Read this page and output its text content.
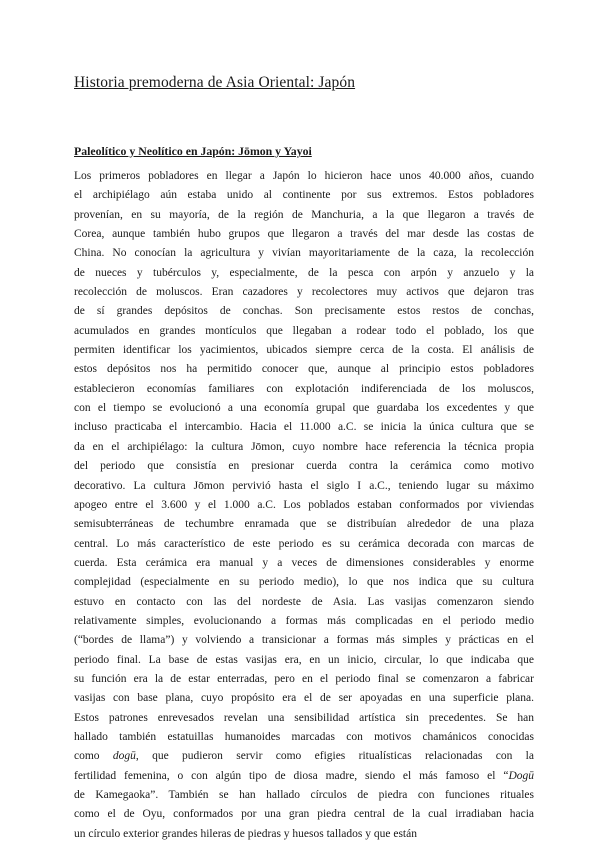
Historia premoderna de Asia Oriental: Japón
Paleolítico y Neolítico en Japón: Jōmon y Yayoi
Los primeros pobladores en llegar a Japón lo hicieron hace unos 40.000 años, cuando
el archipiélago aún estaba unido al continente por sus extremos. Estos pobladores
provenían, en su mayoría, de la región de Manchuria, a la que llegaron a través de
Corea, aunque también hubo grupos que llegaron a través del mar desde las costas de
China. No conocían la agricultura y vivían mayoritariamente de la caza, la recolección
de nueces y tubérculos y, especialmente, de la pesca con arpón y anzuelo y la
recolección de moluscos. Eran cazadores y recolectores muy activos que dejaron tras
de sí grandes depósitos de conchas. Son precisamente estos restos de conchas,
acumulados en grandes montículos que llegaban a rodear todo el poblado, los que
permiten identificar los yacimientos, ubicados siempre cerca de la costa. El análisis de
estos depósitos nos ha permitido conocer que, aunque al principio estos pobladores
establecieron economías familiares con explotación indiferenciada de los moluscos,
con el tiempo se evolucionó a una economía grupal que guardaba los excedentes y que
incluso practicaba el intercambio. Hacia el 11.000 a.C. se inicia la única cultura que se
da en el archipiélago: la cultura Jōmon, cuyo nombre hace referencia la técnica propia
del periodo que consistía en presionar cuerda contra la cerámica como motivo
decorativo. La cultura Jōmon pervivió hasta el siglo I a.C., teniendo lugar su máximo
apogeo entre el 3.600 y el 1.000 a.C. Los poblados estaban conformados por viviendas
semisubterráneas de techumbre enramada que se distribuían alrededor de una plaza
central. Lo más característico de este periodo es su cerámica decorada con marcas de
cuerda. Esta cerámica era manual y a veces de dimensiones considerables y enorme
complejidad (especialmente en su periodo medio), lo que nos indica que su cultura
estuvo en contacto con las del nordeste de Asia. Las vasijas comenzaron siendo
relativamente simples, evolucionando a formas más complicadas en el periodo medio
(“bordes de llama”) y volviendo a transicionar a formas más simples y prácticas en el
periodo final. La base de estas vasijas era, en un inicio, circular, lo que indicaba que
su función era la de estar enterradas, pero en el periodo final se comenzaron a fabricar
vasijas con base plana, cuyo propósito era el de ser apoyadas en una superficie plana.
Estos patrones enrevesados revelan una sensibilidad artística sin precedentes. Se han
hallado también estatuillas humanoides marcadas con motivos chamánicos conocidas
como dogū, que pudieron servir como efigies ritualísticas relacionadas con la
fertilidad femenina, o con algún tipo de diosa madre, siendo el más famoso el “Dogū
de Kamegaoka”. También se han hallado círculos de piedra con funciones rituales
como el de Oyu, conformados por una gran piedra central de la cual irradiaban hacia
un círculo exterior grandes hileras de piedras y huesos tallados y que están
